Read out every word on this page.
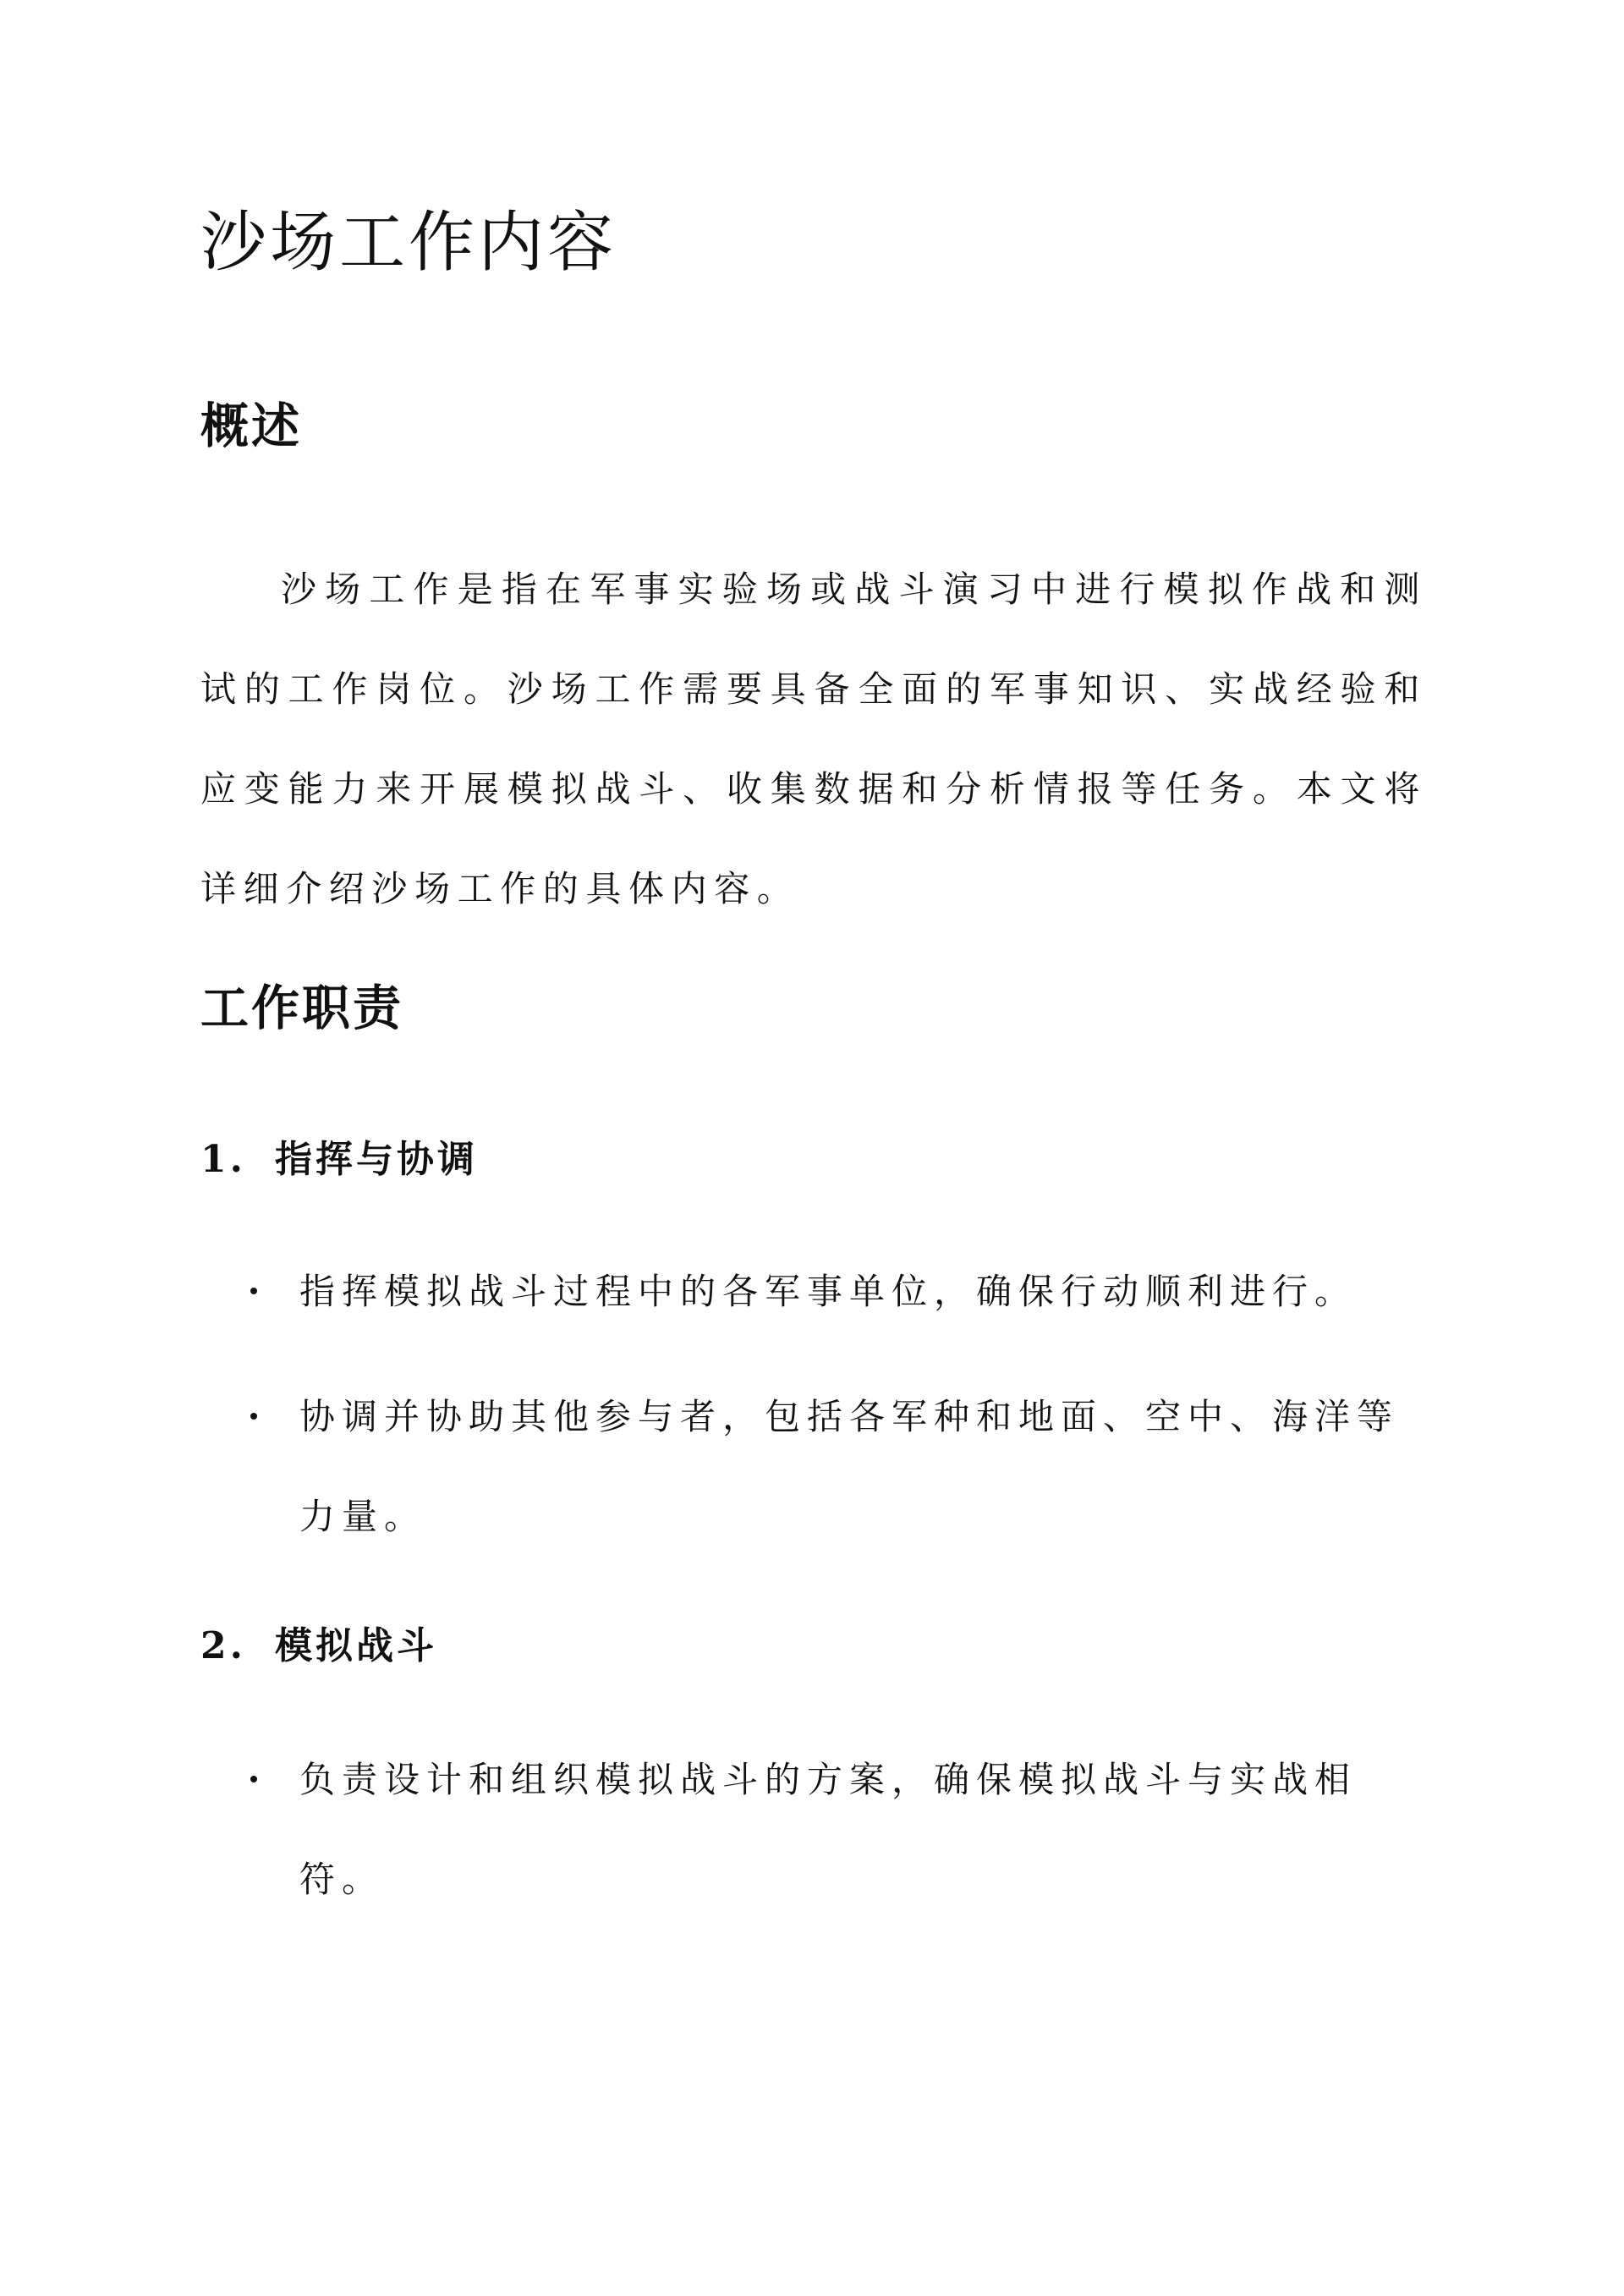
沙场工作内容
概述

沙场工作是指在军事实验场或战斗演习中进行模拟作战和测试的工作岗位。沙场工作需要具备全面的军事知识、实战经验和应变能力来开展模拟战斗、收集数据和分析情报等任务。本文将详细介绍沙场工作的具体内容。

工作职责
1. 指挥与协调
指挥模拟战斗过程中的各军事单位，确保行动顺利进行。
协调并协助其他参与者，包括各军种和地面、空中、海洋等力量。
2. 模拟战斗
负责设计和组织模拟战斗的方案，确保模拟战斗与实战相符。
